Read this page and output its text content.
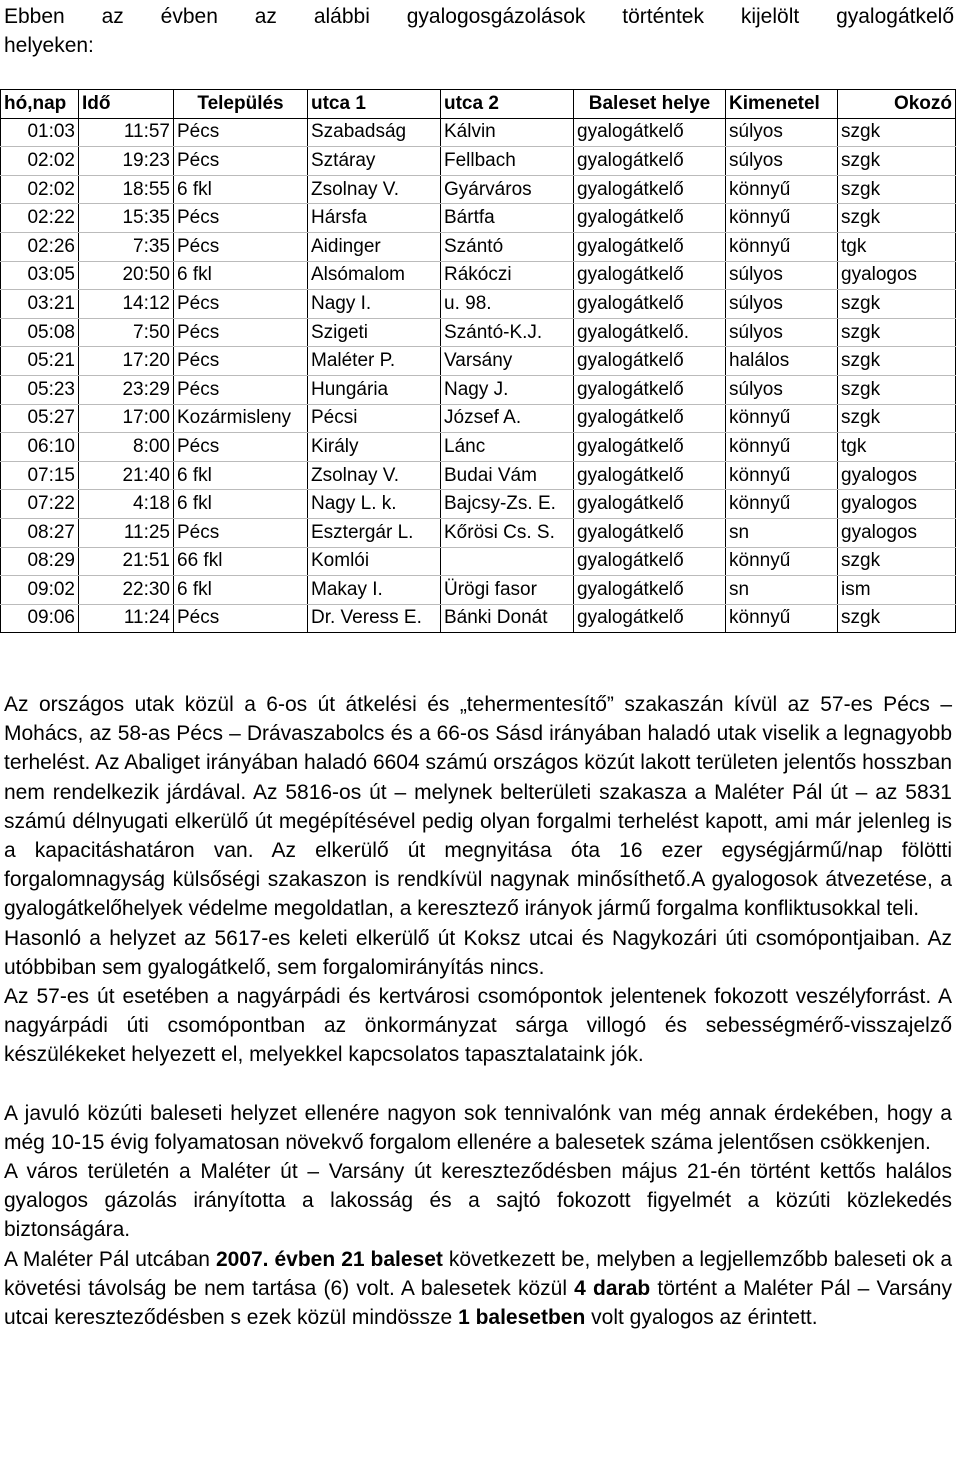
Ebben az évben az alábbi gyalogosgázolások történtek kijelölt gyalogátkelő
helyeken:
hó,nap	Idő	Település	utca 1	utca 2	Baleset helye	Kimenetel	Okozó
01:03	11:57	Pécs	Szabadság	Kálvin	gyalogátkelő	súlyos	szgk
02:02	19:23	Pécs	Sztáray	Fellbach	gyalogátkelő	súlyos	szgk
02:02	18:55	6 fkl	Zsolnay V.	Gyárváros	gyalogátkelő	könnyű	szgk
02:22	15:35	Pécs	Hársfa	Bártfa	gyalogátkelő	könnyű	szgk
02:26	7:35	Pécs	Aidinger	Szántó	gyalogátkelő	könnyű	tgk
03:05	20:50	6 fkl	Alsómalom	Rákóczi	gyalogátkelő	súlyos	gyalogos
03:21	14:12	Pécs	Nagy I.	u. 98.	gyalogátkelő	súlyos	szgk
05:08	7:50	Pécs	Szigeti	Szántó-K.J.	gyalogátkelő.	súlyos	szgk
05:21	17:20	Pécs	Maléter P.	Varsány	gyalogátkelő	halálos	szgk
05:23	23:29	Pécs	Hungária	Nagy J.	gyalogátkelő	súlyos	szgk
05:27	17:00	Kozármisleny	Pécsi	József A.	gyalogátkelő	könnyű	szgk
06:10	8:00	Pécs	Király	Lánc	gyalogátkelő	könnyű	tgk
07:15	21:40	6 fkl	Zsolnay V.	Budai Vám	gyalogátkelő	könnyű	gyalogos
07:22	4:18	6 fkl	Nagy L. k.	Bajcsy-Zs. E.	gyalogátkelő	könnyű	gyalogos
08:27	11:25	Pécs	Esztergár L.	Kőrösi Cs. S.	gyalogátkelő	sn	gyalogos
08:29	21:51	66 fkl	Komlói		gyalogátkelő	könnyű	szgk
09:02	22:30	6 fkl	Makay I.	Ürögi fasor	gyalogátkelő	sn	ism
09:06	11:24	Pécs	Dr. Veress E.	Bánki Donát	gyalogátkelő	könnyű	szgk

Az országos utak közül a 6-os út átkelési és „tehermentesítő” szakaszán kívül az 57-es Pécs – Mohács, az 58-as Pécs – Drávaszabolcs és a 66-os Sásd irányában haladó utak viselik a legnagyobb terhelést. Az Abaliget irányában haladó 6604 számú országos közút lakott területen jelentős hosszban nem rendelkezik járdával. Az 5816-os út – melynek belterületi szakasza a Maléter Pál út – az 5831 számú délnyugati elkerülő út megépítésével pedig olyan forgalmi terhelést kapott, ami már jelenleg is a kapacitáshatáron van. Az elkerülő út megnyitása óta 16 ezer egységjármű/nap fölötti forgalomnagyság külsőségi szakaszon is rendkívül nagynak minősíthető.A gyalogosok átvezetése, a gyalogátkelőhelyek védelme megoldatlan, a keresztező irányok jármű forgalma konfliktusokkal teli.

Hasonló a helyzet az 5617-es keleti elkerülő út Koksz utcai és Nagykozári úti csomópontjaiban. Az utóbbiban sem gyalogátkelő, sem forgalomirányítás nincs.

Az 57-es út esetében a nagyárpádi és kertvárosi csomópontok jelentenek fokozott veszélyforrást. A nagyárpádi úti csomópontban az önkormányzat sárga villogó és sebességmérő-visszajelző készülékeket helyezett el, melyekkel kapcsolatos tapasztalataink jók.

A javuló közúti baleseti helyzet ellenére nagyon sok tennivalónk van még annak érdekében, hogy a még 10-15 évig folyamatosan növekvő forgalom ellenére a balesetek száma jelentősen csökkenjen.

A város területén a Maléter út – Varsány út kereszteződésben május 21-én történt kettős halálos gyalogos gázolás irányította a lakosság és a sajtó fokozott figyelmét a közúti közlekedés biztonságára.

A Maléter Pál utcában 2007. évben 21 baleset következett be, melyben a legjellemzőbb baleseti ok a követési távolság be nem tartása (6) volt. A balesetek közül 4 darab történt a Maléter Pál – Varsány utcai kereszteződésben s ezek közül mindössze 1 balesetben volt gyalogos az érintett.
